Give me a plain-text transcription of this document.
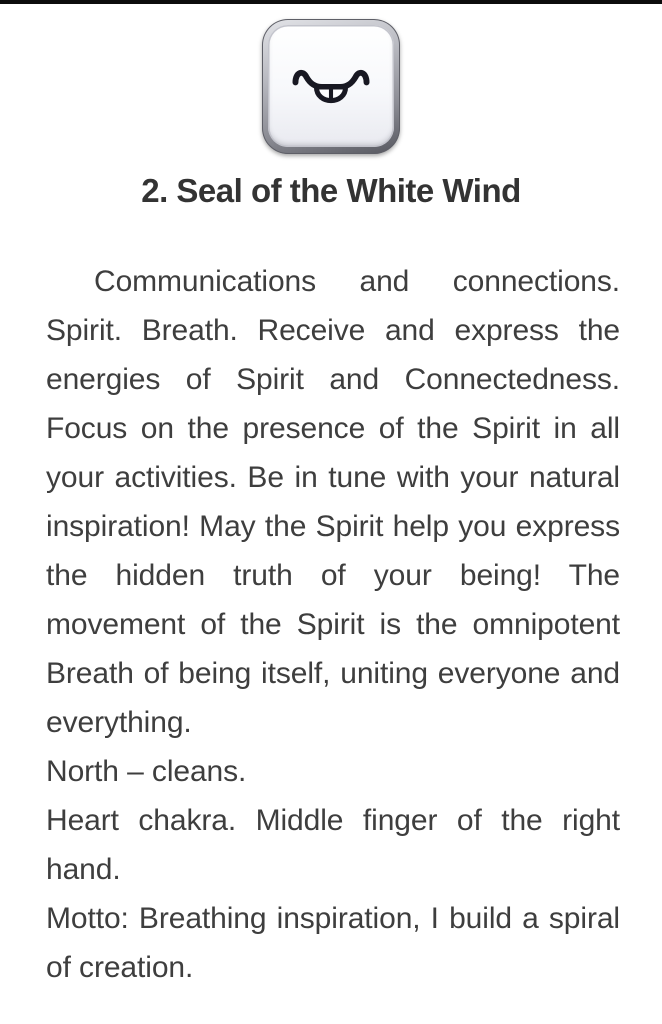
2. Seal of the White Wind

Communications and connections. Spirit. Breath. Receive and express the energies of Spirit and Connectedness. Focus on the presence of the Spirit in all your activities. Be in tune with your natural inspiration! May the Spirit help you express the hidden truth of your being! The movement of the Spirit is the omnipotent Breath of being itself, uniting everyone and everything.

North – cleans.

Heart chakra. Middle finger of the right hand.

Motto: Breathing inspiration, I build a spiral of creation.
